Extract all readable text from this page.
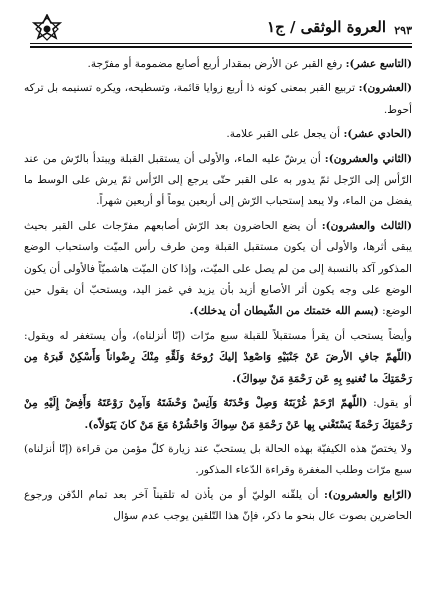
٢٩٣
العروة الوثقى / ج١

(التاسع عشر): رفع القبر عن الأرض بمقدار أربع أصابع مضمومة أو مفرّجة.

(العشرون): تربيع القبر بمعنى كونه ذا أربع زوايا قائمة، وتسطيحه، ويكره تسنيمه بل تركه أحوط.

(الحادي عشر): أن يجعل على القبر علامة.

(الثاني والعشرون): أن يرشّ عليه الماء، والأولى أن يستقبل القبلة ويبتدأ بالرّش من عند الرّأس إلى الرّجل ثمّ يدور به على القبر حتّى يرجع إلى الرّأس ثمّ يرش على الوسط ما يفضل من الماء، ولا يبعد إستحباب الرّش إلى أربعين يوماً أو أربعين شهراً.

(الثالث والعشرون): أن يضع الحاضرون بعد الرّش أصابعهم مفرّجات على القبر بحيث يبقى أثرها، والأولى أن يكون مستقبل القبلة ومن طرف رأس الميّت واستحباب الوضع المذكور آكد بالنسبة إلى من لم يصل على الميّت، وإذا كان الميّت هاشميّاً فالأولى أن يكون الوضع على وجه يكون أثر الأصابع أزيد بأن يزيد في غمز اليد، ويستحبّ أن يقول حين الوضع: (بسم الله ختمتك من الشّيطان أن يدخلك).

وأيضاً يستحب أن يقرأ مستقبلاً للقبلة سبع مرّات (إنّا أنزلناه)، وأن يستغفر له ويقول: (اللّهمّ جافِ الأرضَ عَنْ جَنْبَيْهِ وَاصْعِدْ إليكَ رُوحَهُ وَلَقِّهِ مِنْكَ رِضْواناً وَأَسْكِنْ قَبرَهُ مِن رَحْمَتِكَ ما تُغنيهِ بِهِ عَن رَحْمَةِ مَنْ سِواكَ).

أو يقول: (اللّهمّ ارْحَمْ غُرْبَتَهُ وَصِلْ وَحْدَتَهُ وَآنِسْ وَحْشَتَهُ وَآمِنْ رَوْعَتَهُ وَأَفِضْ إِلَيْهِ مِنْ رَحْمَتِكَ رَحْمَةً يَسْتَغْني بِها عَنْ رَحْمَةِ مَنْ سِواكَ وَاحْشُرْهُ مَعَ مَنْ كانَ يَتَوَلاّه).

ولا يختصّ هذه الكيفيّة بهذه الحالة بل يستحبّ عند زيارة كلّ مؤمن من قراءة (إنّا أنزلناه) سبع مرّات وطلب المغفرة وقراءة الدّعاء المذكور.

(الرّابع والعشرون): أن يلقّنه الوليّ أو من يأذن له تلقيناً آخر بعد تمام الدّفن ورجوع الحاضرين بصوت عال بنحو ما ذكر، فإنّ هذا التّلقين يوجب عدم سؤال
